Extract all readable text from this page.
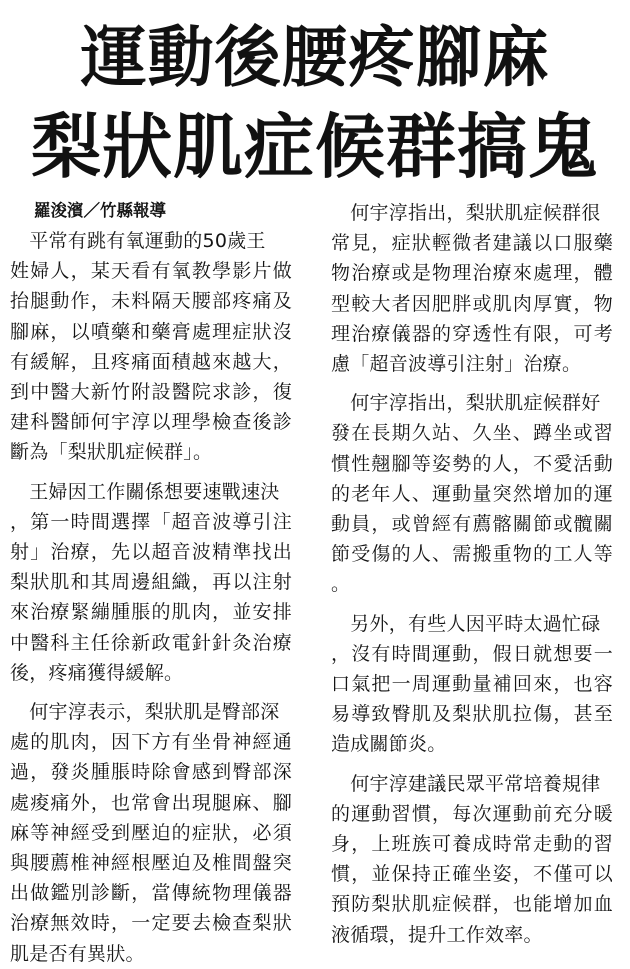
運動後腰疼腳麻
梨狀肌症候群搞鬼
羅浚濱／竹縣報導
　平常有跳有氧運動的50歲王
姓婦人，某天看有氧教學影片做
抬腿動作，未料隔天腰部疼痛及
腳麻，以噴藥和藥膏處理症狀沒
有緩解，且疼痛面積越來越大，
到中醫大新竹附設醫院求診，復
建科醫師何宇淳以理學檢查後診
斷為「梨狀肌症候群」。
　王婦因工作關係想要速戰速決
，第一時間選擇「超音波導引注
射」治療，先以超音波精準找出
梨狀肌和其周邊組織，再以注射
來治療緊繃腫脹的肌肉，並安排
中醫科主任徐新政電針針灸治療
後，疼痛獲得緩解。
　何宇淳表示，梨狀肌是臀部深
處的肌肉，因下方有坐骨神經通
過，發炎腫脹時除會感到臀部深
處痠痛外，也常會出現腿麻、腳
麻等神經受到壓迫的症狀，必須
與腰薦椎神經根壓迫及椎間盤突
出做鑑別診斷，當傳統物理儀器
治療無效時，一定要去檢查梨狀
肌是否有異狀。
　何宇淳指出，梨狀肌症候群很
常見，症狀輕微者建議以口服藥
物治療或是物理治療來處理，體
型較大者因肥胖或肌肉厚實，物
理治療儀器的穿透性有限，可考
慮「超音波導引注射」治療。
　何宇淳指出，梨狀肌症候群好
發在長期久站、久坐、蹲坐或習
慣性翹腳等姿勢的人，不愛活動
的老年人、運動量突然增加的運
動員，或曾經有薦髂關節或髖關
節受傷的人、需搬重物的工人等
。
　另外，有些人因平時太過忙碌
，沒有時間運動，假日就想要一
口氣把一周運動量補回來，也容
易導致臀肌及梨狀肌拉傷，甚至
造成關節炎。
　何宇淳建議民眾平常培養規律
的運動習慣，每次運動前充分暖
身，上班族可養成時常走動的習
慣，並保持正確坐姿，不僅可以
預防梨狀肌症候群，也能增加血
液循環，提升工作效率。
